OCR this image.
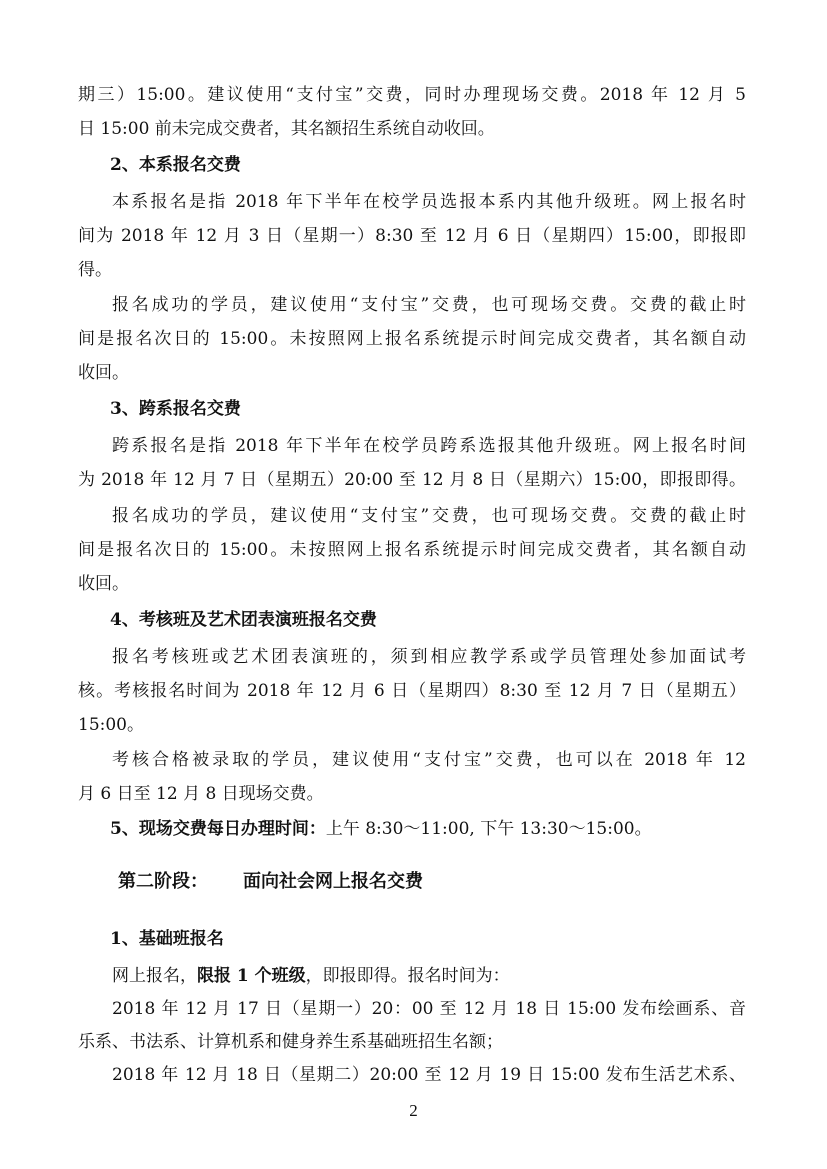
期三）15:00。建议使用“支付宝”交费，同时办理现场交费。2018 年 12 月 5
日 15:00 前未完成交费者，其名额招生系统自动收回。
2、本系报名交费
本系报名是指 2018 年下半年在校学员选报本系内其他升级班。网上报名时
间为 2018 年 12 月 3 日（星期一）8:30 至 12 月 6 日（星期四）15:00，即报即
得。
报名成功的学员，建议使用“支付宝”交费，也可现场交费。交费的截止时
间是报名次日的 15:00。未按照网上报名系统提示时间完成交费者，其名额自动
收回。
3、跨系报名交费
跨系报名是指 2018 年下半年在校学员跨系选报其他升级班。网上报名时间
为 2018 年 12 月 7 日（星期五）20:00 至 12 月 8 日（星期六）15:00，即报即得。
报名成功的学员，建议使用“支付宝”交费，也可现场交费。交费的截止时
间是报名次日的 15:00。未按照网上报名系统提示时间完成交费者，其名额自动
收回。
4、考核班及艺术团表演班报名交费
报名考核班或艺术团表演班的，须到相应教学系或学员管理处参加面试考
核。考核报名时间为 2018 年 12 月 6 日（星期四）8:30 至 12 月 7 日（星期五）
15:00。
考核合格被录取的学员，建议使用“支付宝”交费，也可以在 2018 年 12
月 6 日至 12 月 8 日现场交费。
5、现场交费每日办理时间：上午 8:30～11:00, 下午 13:30～15:00。
第二阶段： 面向社会网上报名交费
1、基础班报名
网上报名，限报 1 个班级，即报即得。报名时间为：
2018 年 12 月 17 日（星期一）20：00 至 12 月 18 日 15:00 发布绘画系、音
乐系、书法系、计算机系和健身养生系基础班招生名额；
2018 年 12 月 18 日（星期二）20:00 至 12 月 19 日 15:00 发布生活艺术系、
2
